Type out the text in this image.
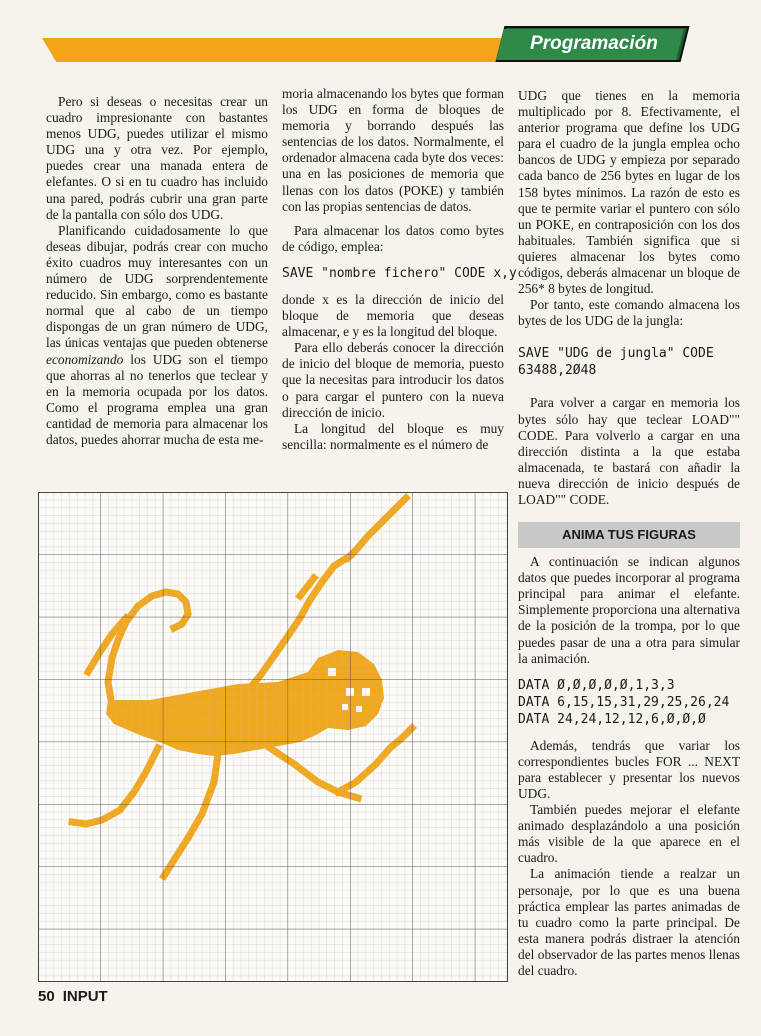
Programación

Pero si deseas o necesitas crear un cuadro impresionante con bastantes menos UDG, puedes utilizar el mismo UDG una y otra vez. Por ejemplo, puedes crear una manada entera de elefantes. O si en tu cuadro has incluido una pared, podrás cubrir una gran parte de la pantalla con sólo dos UDG.

Planificando cuidadosamente lo que deseas dibujar, podrás crear con mucho éxito cuadros muy interesantes con un número de UDG sorprendentemente reducido. Sin embargo, como es bastante normal que al cabo de un tiempo dispongas de un gran número de UDG, las únicas ventajas que pueden obtenerse economizando los UDG son el tiempo que ahorras al no tenerlos que teclear y en la memoria ocupada por los datos. Como el programa emplea una gran cantidad de memoria para almacenar los datos, puedes ahorrar mucha de esta me-

moria almacenando los bytes que forman los UDG en forma de bloques de memoria y borrando después las sentencias de los datos. Normalmente, el ordenador almacena cada byte dos veces: una en las posiciones de memoria que llenas con los datos (POKE) y también con las propias sentencias de datos.

Para almacenar los datos como bytes de código, emplea:

SAVE "nombre fichero" CODE x,y

donde x es la dirección de inicio del bloque de memoria que deseas almacenar, e y es la longitud del bloque.

Para ello deberás conocer la dirección de inicio del bloque de memoria, puesto que la necesitas para introducir los datos o para cargar el puntero con la nueva dirección de inicio.

La longitud del bloque es muy sencilla: normalmente es el número de

UDG que tienes en la memoria multiplicado por 8. Efectivamente, el anterior programa que define los UDG para el cuadro de la jungla emplea ocho bancos de UDG y empieza por separado cada banco de 256 bytes en lugar de los 158 bytes mínimos. La razón de esto es que te permite variar el puntero con sólo un POKE, en contraposición con los dos habituales. También significa que si quieres almacenar los bytes como códigos, deberás almacenar un bloque de 256* 8 bytes de longitud.

Por tanto, este comando almacena los bytes de los UDG de la jungla:

SAVE "UDG de jungla" CODE
63488,2Ø48

Para volver a cargar en memoria los bytes sólo hay que teclear LOAD"" CODE. Para volverlo a cargar en una dirección distinta a la que estaba almacenada, te bastará con añadir la nueva dirección de inicio después de LOAD"" CODE.

ANIMA TUS FIGURAS

A continuación se indican algunos datos que puedes incorporar al programa principal para animar el elefante. Simplemente proporciona una alternativa de la posición de la trompa, por lo que puedes pasar de una a otra para simular la animación.

DATA Ø,Ø,Ø,Ø,Ø,1,3,3
DATA 6,15,15,31,29,25,26,24
DATA 24,24,12,12,6,Ø,Ø,Ø

Además, tendrás que variar los correspondientes bucles FOR ... NEXT para establecer y presentar los nuevos UDG.

También puedes mejorar el elefante animado desplazándolo a una posición más visible de la que aparece en el cuadro.

La animación tiende a realzar un personaje, por lo que es una buena práctica emplear las partes animadas de tu cuadro como la parte principal. De esta manera podrás distraer la atención del observador de las partes menos llenas del cuadro.

50 INPUT
